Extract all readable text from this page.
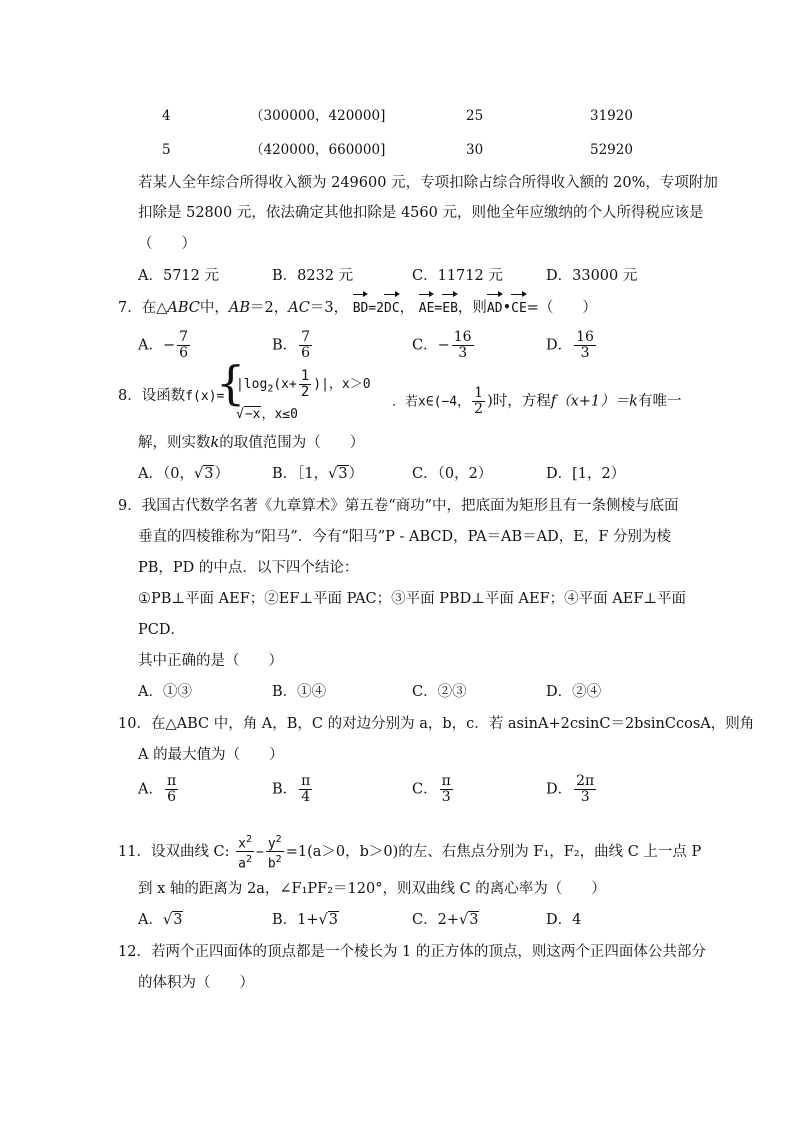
4	（300000，420000]	25	31920
5	（420000，660000]	30	52920
若某人全年综合所得收入额为 249600 元，专项扣除占综合所得收入额的 20%，专项附加
扣除是 52800 元，依法确定其他扣除是 4560 元，则他全年应缴纳的个人所得税应该是
（　　）
A．5712 元	B．8232 元	C．11712 元	D．33000 元
7．在△ABC中，AB＝2，AC＝3， BD=2
DC， AE=
EB，则
AD•
CE=（　　）
A．− $\frac{7}{6}$	B． $\frac{7}{6}$	C．− $\frac{16}{3}$	D． $\frac{16}{3}$
8．设函数f(x)=
{
$|\log_2(x+ \frac{1}{2}$ )|，x＞0
√−x，x≤0
．若x∈(−4， $\frac{1}{2}$ )时，方程f（x+1）＝k有唯一
解，则实数k的取值范围为（　　）
A．（0，√3）	B．［1，√3）	C．（0，2）	D．[1，2）
9．我国古代数学名著《九章算术》第五卷“商功”中，把底面为矩形且有一条侧棱与底面
垂直的四棱锥称为“阳马”．今有“阳马”P - ABCD，PA＝AB＝AD，E，F 分别为棱
PB，PD 的中点．以下四个结论：
①PB⊥平面 AEF；②EF⊥平面 PAC；③平面 PBD⊥平面 AEF；④平面 AEF⊥平面
PCD．
其中正确的是（　　）
A．①③	B．①④	C．②③	D．②④
10．在△ABC 中，角 A，B，C 的对边分别为 a，b，c．若 asinA+2csinC＝2bsinCcosA，则角
A 的最大值为（　　）
A． $\frac{\pi}{6}$	B． $\frac{\pi}{4}$	C． $\frac{\pi}{3}$	D． $\frac{2\pi}{3}$
11．设双曲线 C: $\frac{x^2}{a^2} - \frac{y^2}{b^2} =1(a>0$，b＞0)的左、右焦点分别为 F₁，F₂，曲线 C 上一点 P
到 x 轴的距离为 2a，∠F₁PF₂＝120°，则双曲线 C 的离心率为（　　）
A．√3	B．1+√3	C．2+√3	D．4
12．若两个正四面体的顶点都是一个棱长为 1 的正方体的顶点，则这两个正四面体公共部分
的体积为（　　）
